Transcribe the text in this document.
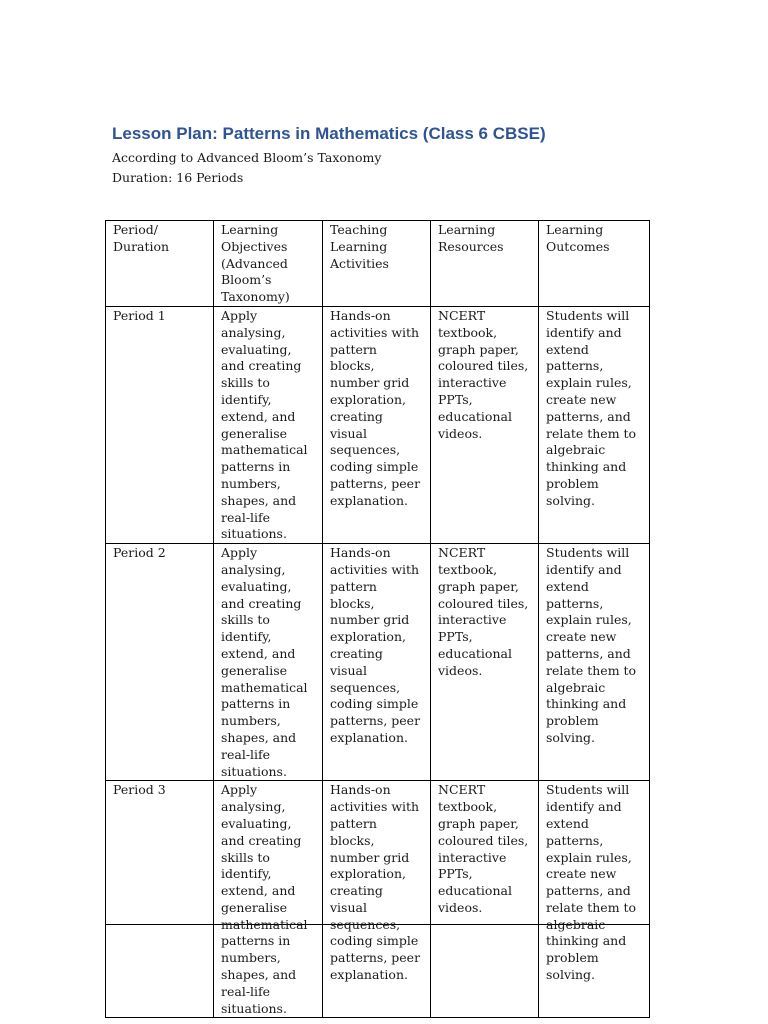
Lesson Plan: Patterns in Mathematics (Class 6 CBSE)
According to Advanced Bloom’s Taxonomy
Duration: 16 Periods
Period/ Duration	Learning Objectives (Advanced Bloom’s Taxonomy)	Teaching Learning Activities	Learning Resources	Learning Outcomes
Period 1	Apply analysing, evaluating, and creating skills to identify, extend, and generalise mathematical patterns in numbers, shapes, and real-life situations.	Hands-on activities with pattern blocks, number grid exploration, creating visual sequences, coding simple patterns, peer explanation.	NCERT textbook, graph paper, coloured tiles, interactive PPTs, educational videos.	Students will identify and extend patterns, explain rules, create new patterns, and relate them to algebraic thinking and problem solving.
Period 2	Apply analysing, evaluating, and creating skills to identify, extend, and generalise mathematical patterns in numbers, shapes, and real-life situations.	Hands-on activities with pattern blocks, number grid exploration, creating visual sequences, coding simple patterns, peer explanation.	NCERT textbook, graph paper, coloured tiles, interactive PPTs, educational videos.	Students will identify and extend patterns, explain rules, create new patterns, and relate them to algebraic thinking and problem solving.
Period 3	Apply analysing, evaluating, and creating skills to identify, extend, and generalise mathematical patterns in numbers, shapes, and real-life situations.	Hands-on activities with pattern blocks, number grid exploration, creating visual sequences, coding simple patterns, peer explanation.	NCERT textbook, graph paper, coloured tiles, interactive PPTs, educational videos.	Students will identify and extend patterns, explain rules, create new patterns, and relate them to algebraic thinking and problem solving.
